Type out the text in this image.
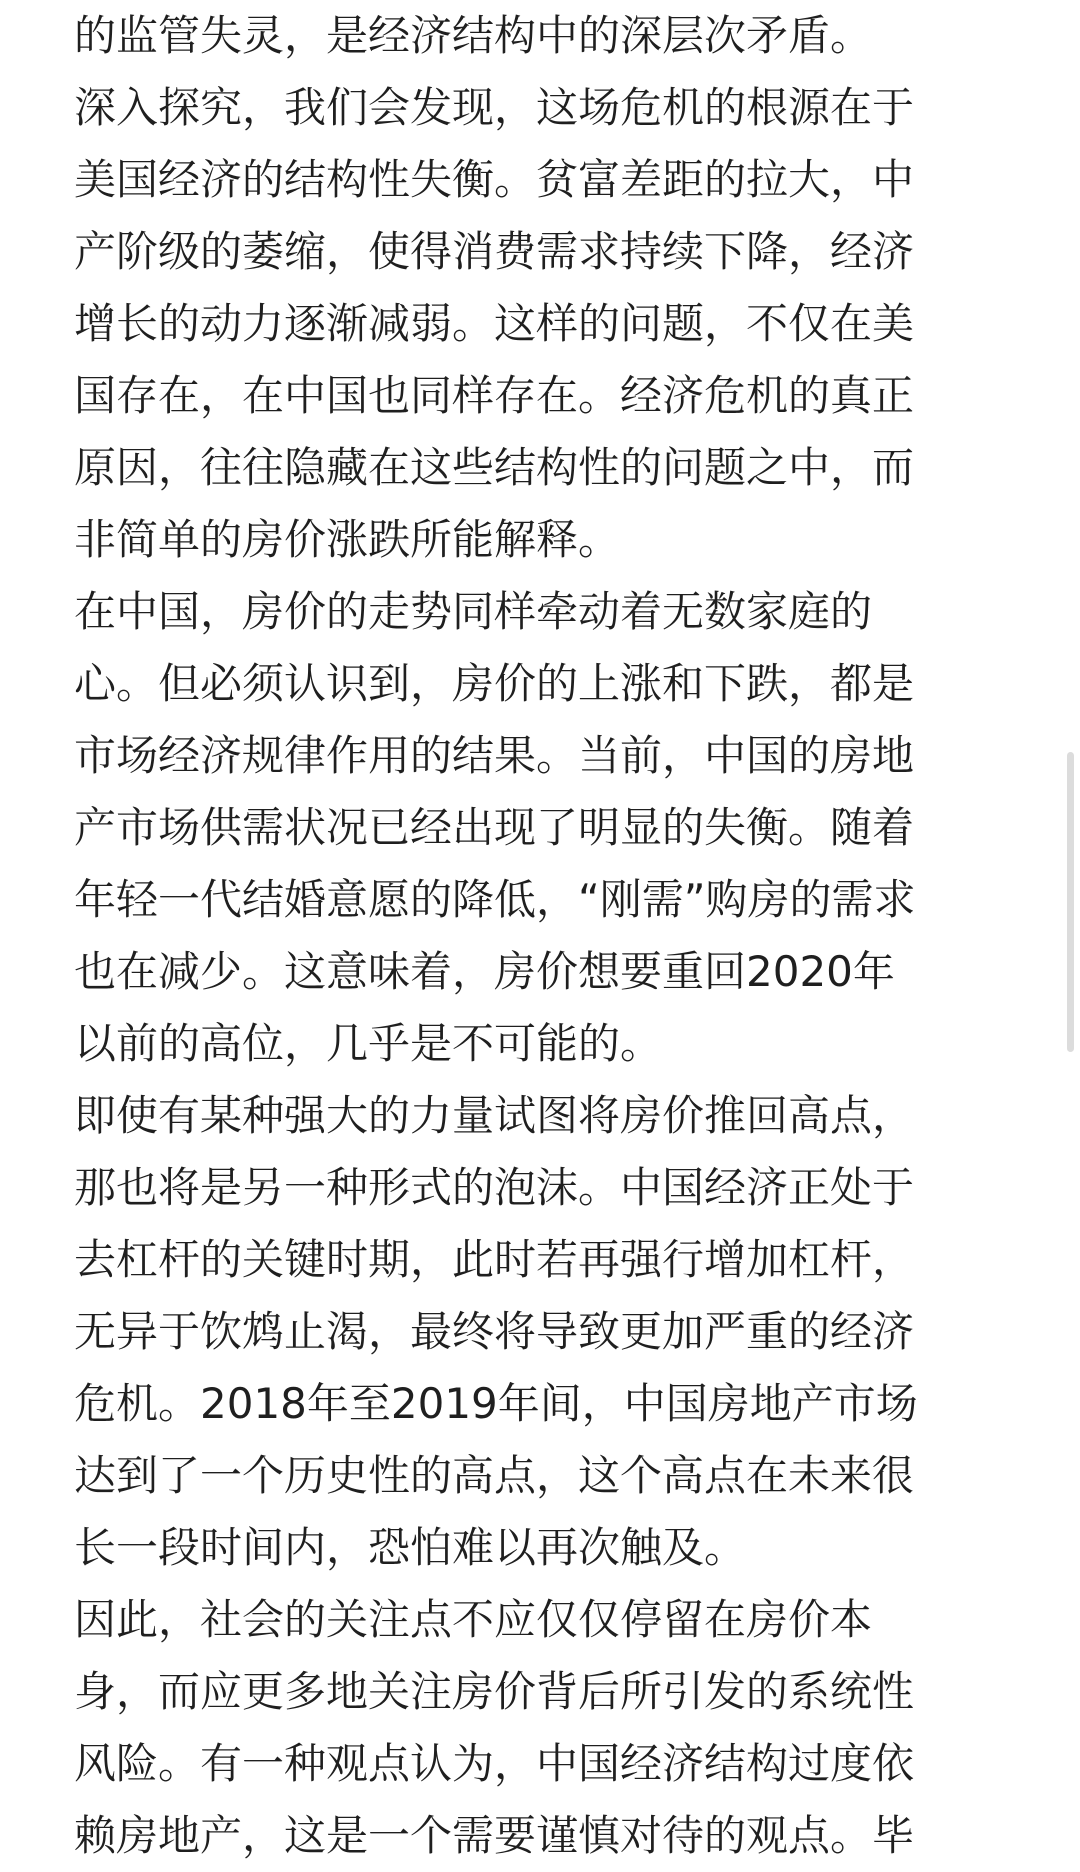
的监管失灵，是经济结构中的深层次矛盾。

深入探究，我们会发现，这场危机的根源在于

美国经济的结构性失衡。贫富差距的拉大，中

产阶级的萎缩，使得消费需求持续下降，经济

增长的动力逐渐减弱。这样的问题，不仅在美

国存在，在中国也同样存在。经济危机的真正

原因，往往隐藏在这些结构性的问题之中，而

非简单的房价涨跌所能解释。

在中国，房价的走势同样牵动着无数家庭的

心。但必须认识到，房价的上涨和下跌，都是

市场经济规律作用的结果。当前，中国的房地

产市场供需状况已经出现了明显的失衡。随着

年轻一代结婚意愿的降低，“刚需”购房的需求

也在减少。这意味着，房价想要重回2020年

以前的高位，几乎是不可能的。

即使有某种强大的力量试图将房价推回高点，

那也将是另一种形式的泡沫。中国经济正处于

去杠杆的关键时期，此时若再强行增加杠杆，

无异于饮鸩止渴，最终将导致更加严重的经济

危机。2018年至2019年间，中国房地产市场

达到了一个历史性的高点，这个高点在未来很

长一段时间内，恐怕难以再次触及。

因此，社会的关注点不应仅仅停留在房价本

身，而应更多地关注房价背后所引发的系统性

风险。有一种观点认为，中国经济结构过度依

赖房地产，这是一个需要谨慎对待的观点。毕
